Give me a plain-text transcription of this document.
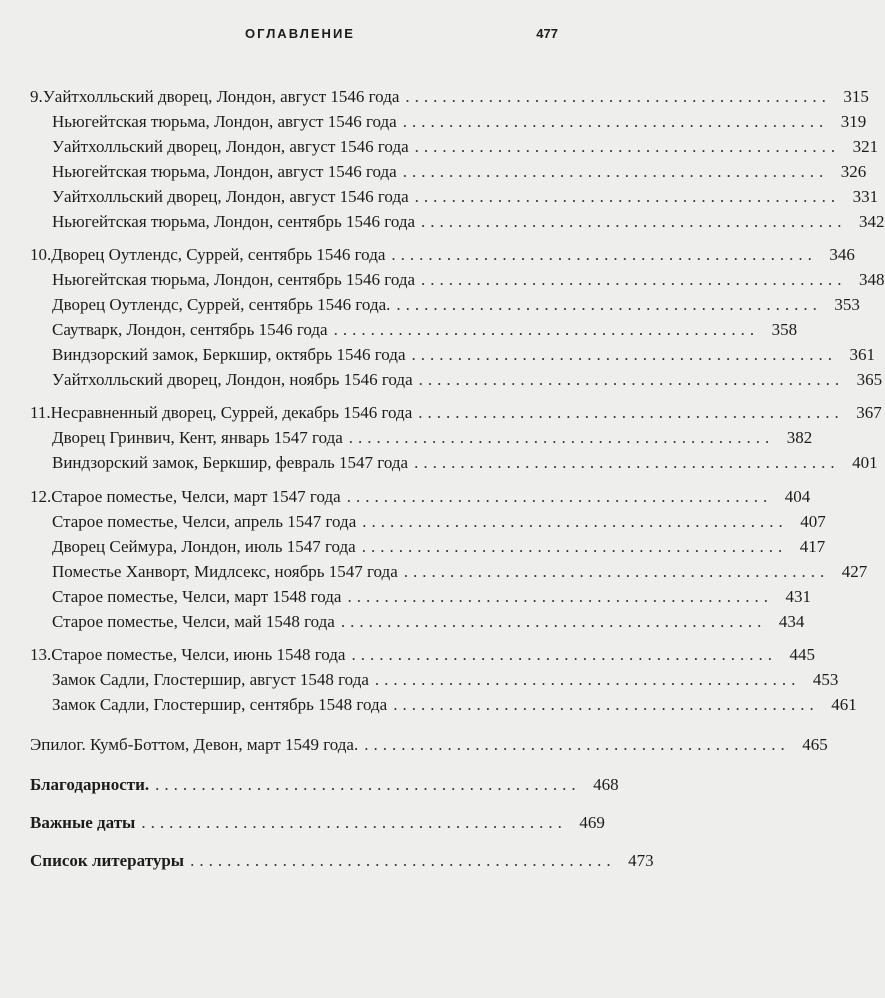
ОГЛАВЛЕНИЕ	477
9. Уайтхолльский дворец, Лондон, август 1546 года .............................................. 315
Ньюгейтская тюрьма, Лондон, август 1546 года .............................................. 319
Уайтхолльский дворец, Лондон, август 1546 года .............................................. 321
Ньюгейтская тюрьма, Лондон, август 1546 года .............................................. 326
Уайтхолльский дворец, Лондон, август 1546 года .............................................. 331
Ньюгейтская тюрьма, Лондон, сентябрь 1546 года .............................................. 342
10. Дворец Оутлендс, Суррей, сентябрь 1546 года .............................................. 346
Ньюгейтская тюрьма, Лондон, сентябрь 1546 года .............................................. 348
Дворец Оутлендс, Суррей, сентябрь 1546 года. .............................................. 353
Саутварк, Лондон, сентябрь 1546 года .............................................. 358
Виндзорский замок, Беркшир, октябрь 1546 года .............................................. 361
Уайтхолльский дворец, Лондон, ноябрь 1546 года .............................................. 365
11. Несравненный дворец, Суррей, декабрь 1546 года .............................................. 367
Дворец Гринвич, Кент, январь 1547 года .............................................. 382
Виндзорский замок, Беркшир, февраль 1547 года .............................................. 401
12. Старое поместье, Челси, март 1547 года .............................................. 404
Старое поместье, Челси, апрель 1547 года .............................................. 407
Дворец Сеймура, Лондон, июль 1547 года .............................................. 417
Поместье Ханворт, Мидлсекс, ноябрь 1547 года .............................................. 427
Старое поместье, Челси, март 1548 года .............................................. 431
Старое поместье, Челси, май 1548 года .............................................. 434
13. Старое поместье, Челси, июнь 1548 года .............................................. 445
Замок Садли, Глостершир, август 1548 года .............................................. 453
Замок Садли, Глостершир, сентябрь 1548 года .............................................. 461
Эпилог. Кумб-Боттом, Девон, март 1549 года. .............................................. 465
Благодарности. .............................................. 468
Важные даты .............................................. 469
Список литературы .............................................. 473
